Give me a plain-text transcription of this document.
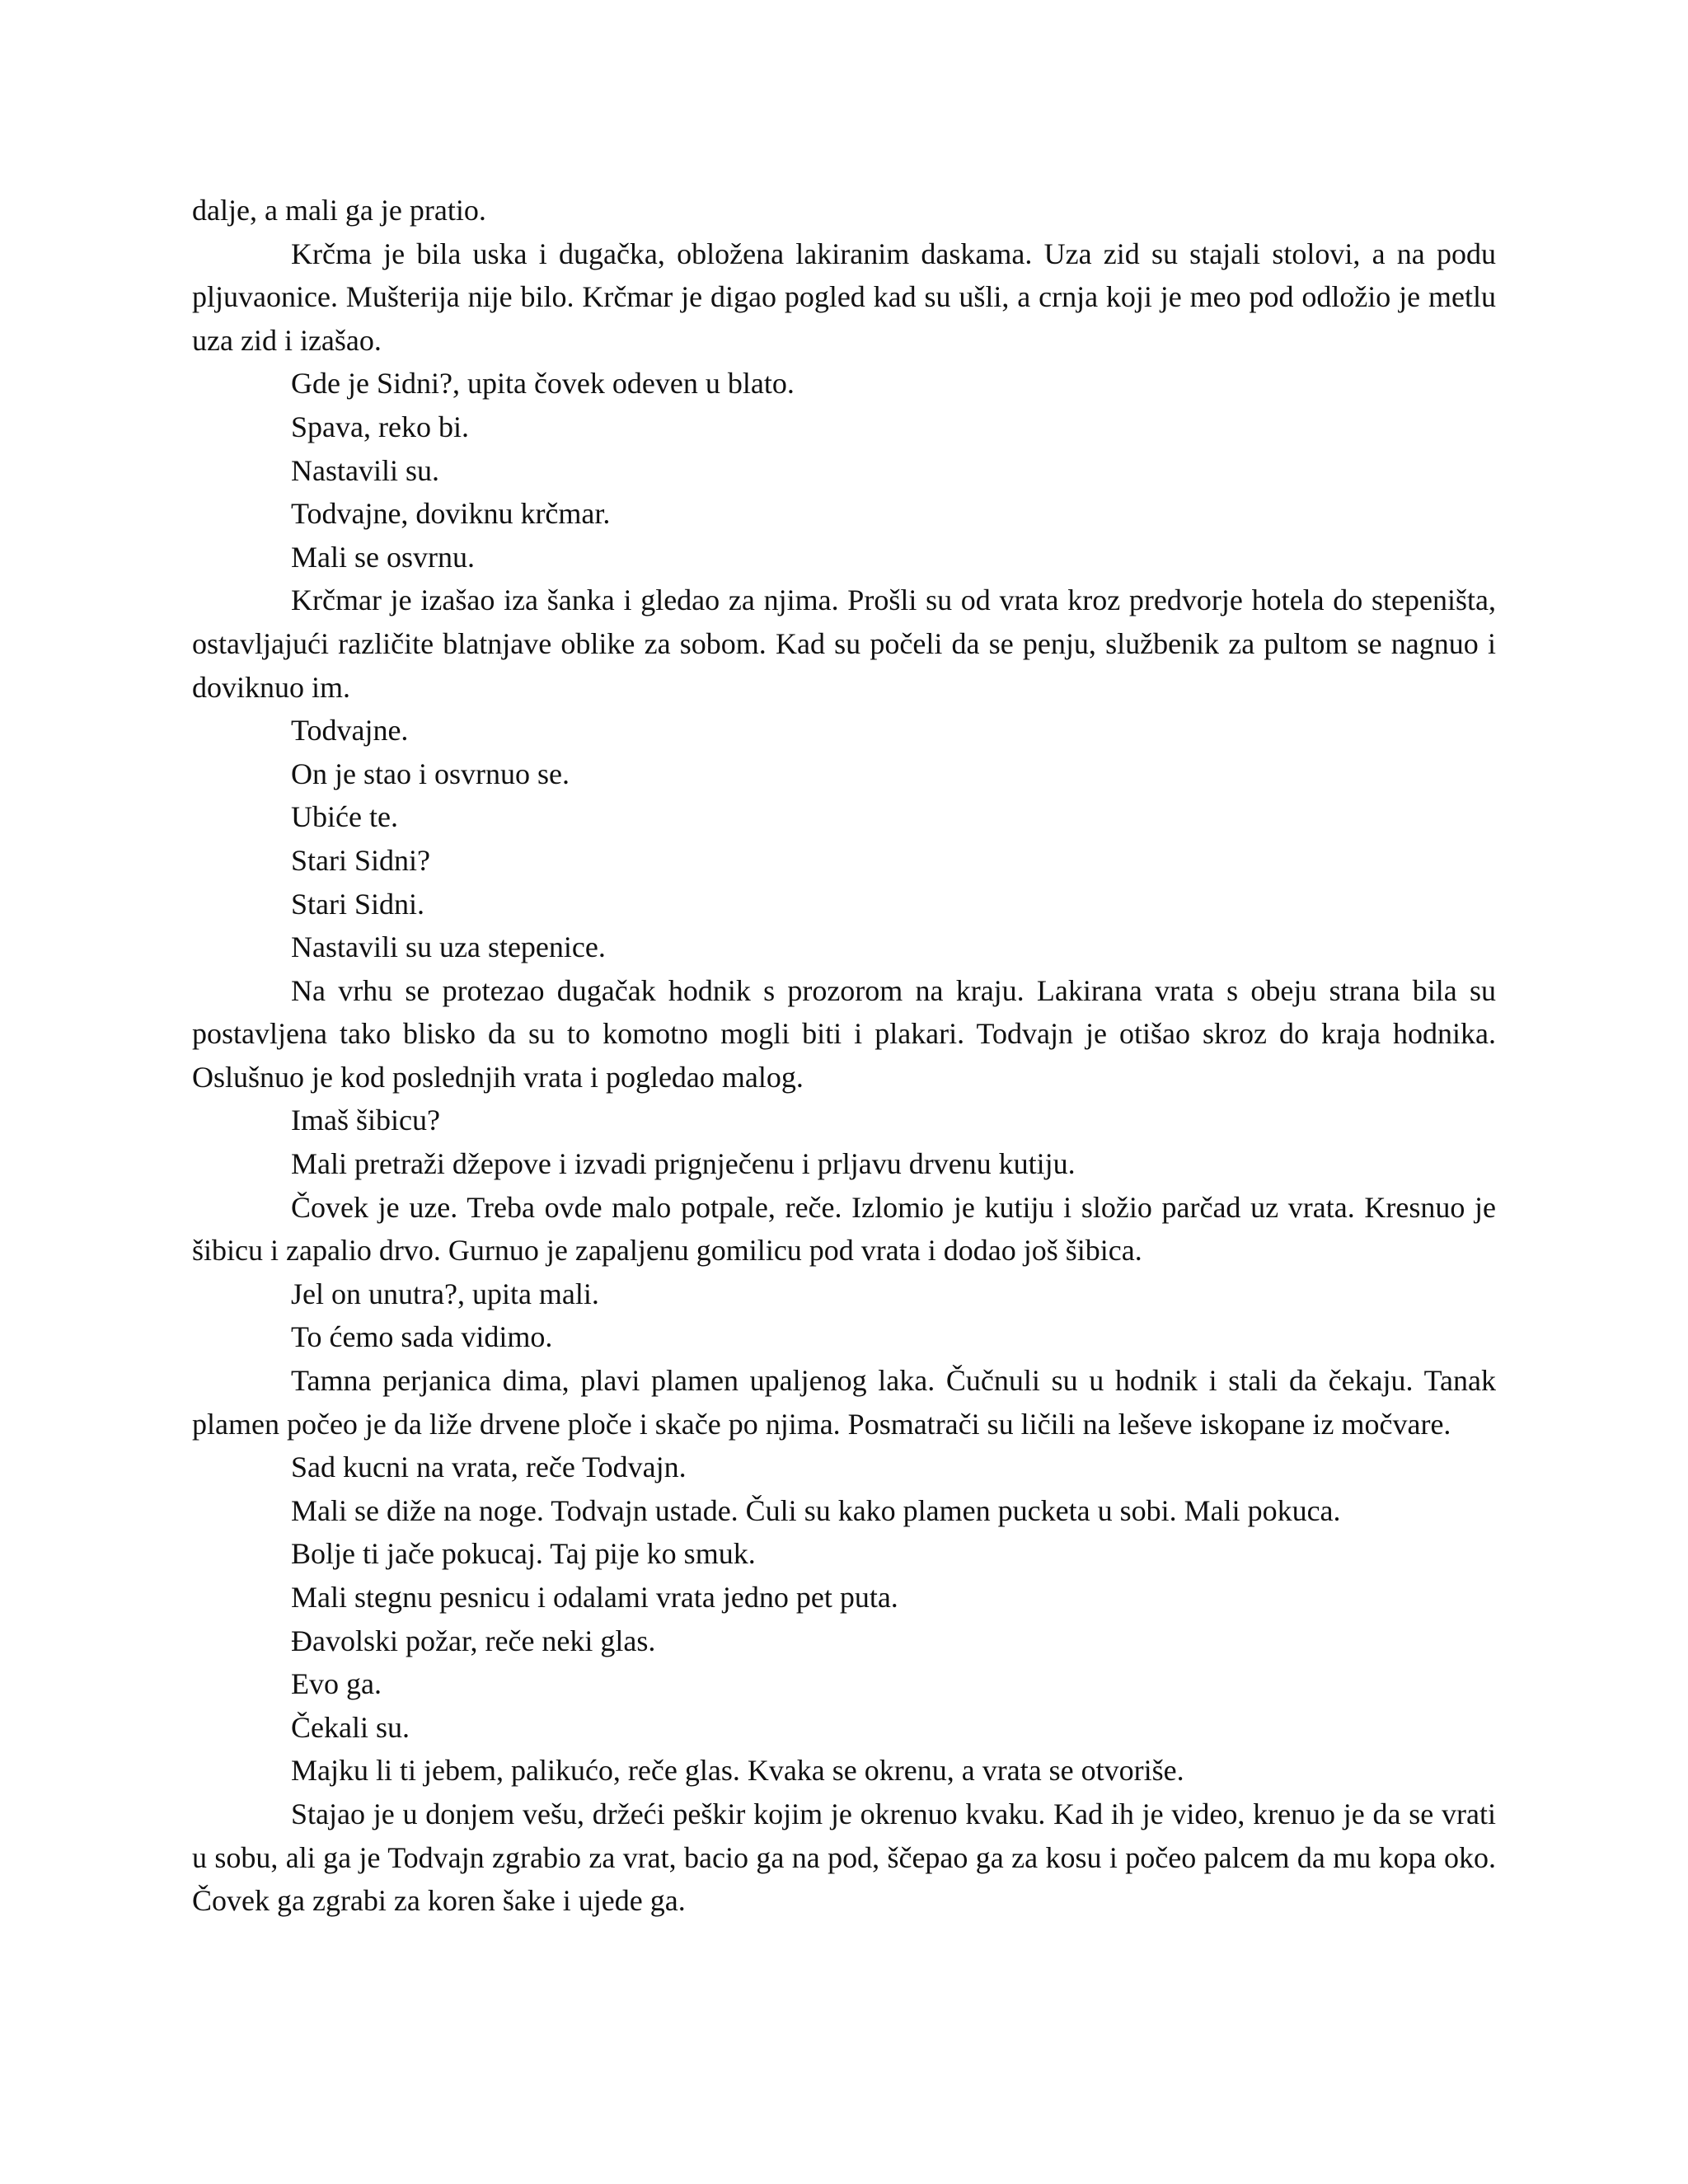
dalje, a mali ga je pratio.

Krčma je bila uska i dugačka, obložena lakiranim daskama. Uza zid su stajali stolovi, a na podu pljuvaonice. Mušterija nije bilo. Krčmar je digao pogled kad su ušli, a crnja koji je meo pod odložio je metlu uza zid i izašao.

Gde je Sidni?, upita čovek odeven u blato.

Spava, reko bi.

Nastavili su.

Todvajne, doviknu krčmar.

Mali se osvrnu.

Krčmar je izašao iza šanka i gledao za njima. Prošli su od vrata kroz predvorje hotela do stepeništa, ostavljajući različite blatnjave oblike za sobom. Kad su počeli da se penju, službenik za pultom se nagnuo i doviknuo im.

Todvajne.

On je stao i osvrnuo se.

Ubiće te.

Stari Sidni?

Stari Sidni.

Nastavili su uza stepenice.

Na vrhu se protezao dugačak hodnik s prozorom na kraju. Lakirana vrata s obeju strana bila su postavljena tako blisko da su to komotno mogli biti i plakari. Todvajn je otišao skroz do kraja hodnika. Oslušnuo je kod poslednjih vrata i pogledao malog.

Imaš šibicu?

Mali pretraži džepove i izvadi prignječenu i prljavu drvenu kutiju.

Čovek je uze. Treba ovde malo potpale, reče. Izlomio je kutiju i složio parčad uz vrata. Kresnuo je šibicu i zapalio drvo. Gurnuo je zapaljenu gomilicu pod vrata i dodao još šibica.

Jel on unutra?, upita mali.

To ćemo sada vidimo.

Tamna perjanica dima, plavi plamen upaljenog laka. Čučnuli su u hodnik i stali da čekaju. Tanak plamen počeo je da liže drvene ploče i skače po njima. Posmatrači su ličili na leševe iskopane iz močvare.

Sad kucni na vrata, reče Todvajn.

Mali se diže na noge. Todvajn ustade. Čuli su kako plamen pucketa u sobi. Mali pokuca.

Bolje ti jače pokucaj. Taj pije ko smuk.

Mali stegnu pesnicu i odalami vrata jedno pet puta.

Đavolski požar, reče neki glas.

Evo ga.

Čekali su.

Majku li ti jebem, palikućo, reče glas. Kvaka se okrenu, a vrata se otvoriše.

Stajao je u donjem vešu, držeći peškir kojim je okrenuo kvaku. Kad ih je video, krenuo je da se vrati u sobu, ali ga je Todvajn zgrabio za vrat, bacio ga na pod, ščepao ga za kosu i počeo palcem da mu kopa oko. Čovek ga zgrabi za koren šake i ujede ga.
